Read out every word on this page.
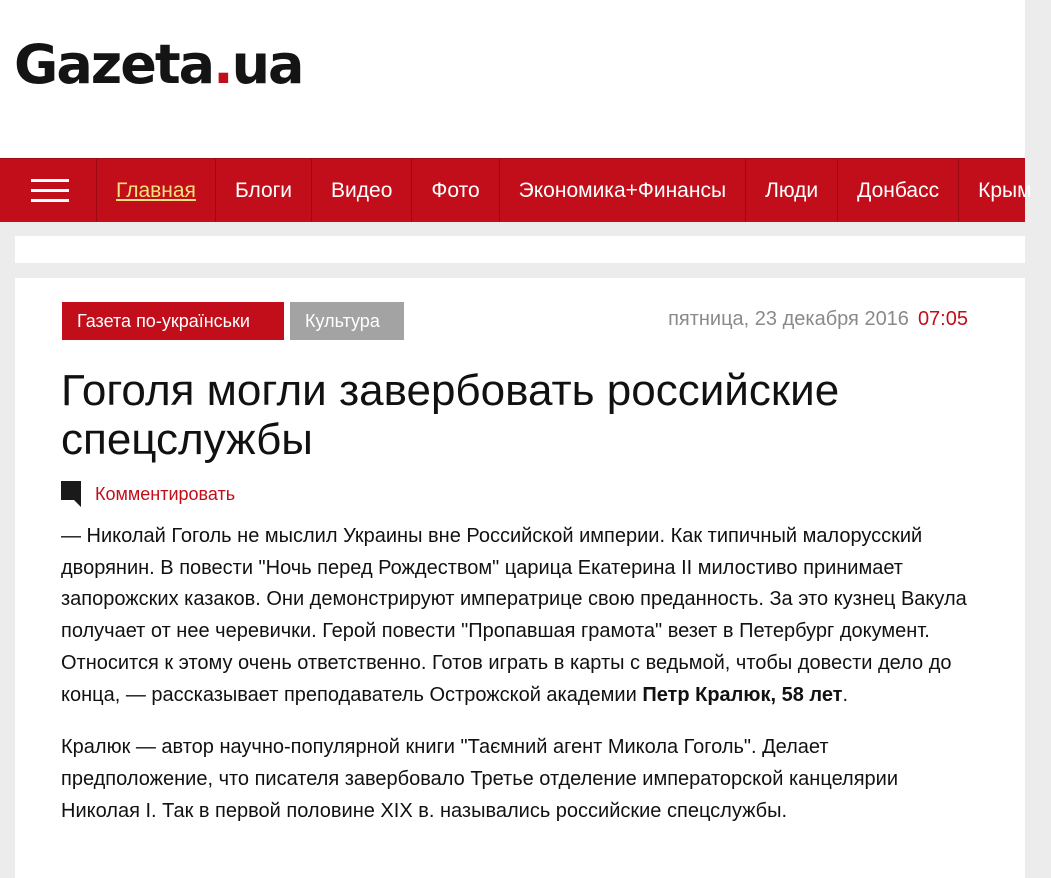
Gazeta.ua
Главная	Блоги	Видео	Фото	Экономика+Финансы	Люди	Донбасс	Крым
Газета по-українськи	Культура	пятница, 23 декабря 2016 07:05
Гоголя могли завербовать российские спецслужбы
Комментировать

— Николай Гоголь не мыслил Украины вне Российской империи. Как типичный малорусский дворянин. В повести "Ночь перед Рождеством" царица Екатерина II милостиво принимает запорожских казаков. Они демонстрируют императрице свою преданность. За это кузнец Вакула получает от нее черевички. Герой повести "Пропавшая грамота" везет в Петербург документ. Относится к этому очень ответственно. Готов играть в карты с ведьмой, чтобы довести дело до конца, — рассказывает преподаватель Острожской академии Петр Кралюк, 58 лет.

Кралюк — автор научно-популярной книги "Таємний агент Микола Гоголь". Делает предположение, что писателя завербовало Третье отделение императорской канцелярии Николая I. Так в первой половине XIX в. назывались российские спецслужбы.
